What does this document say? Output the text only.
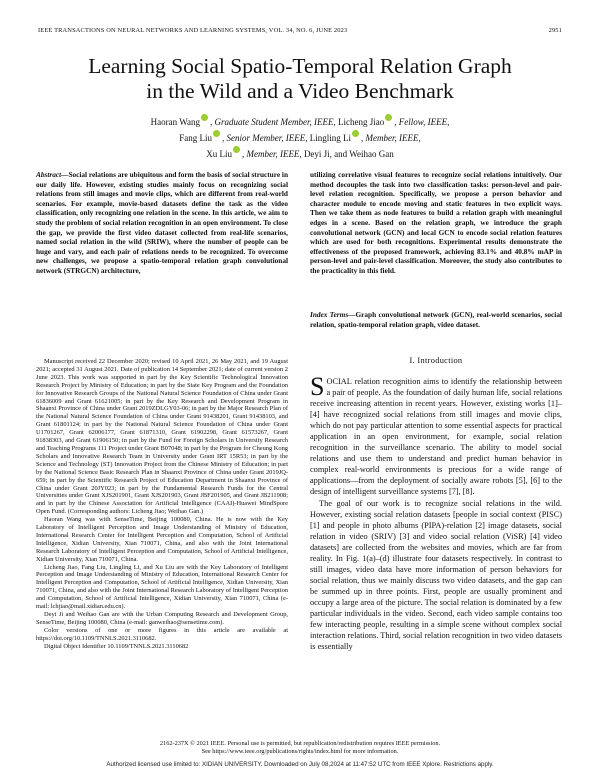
IEEE TRANSACTIONS ON NEURAL NETWORKS AND LEARNING SYSTEMS, VOL. 34, NO. 6, JUNE 2023	2951
Learning Social Spatio-Temporal Relation Graph
in the Wild and a Video Benchmark
Haoran Wang , Graduate Student Member, IEEE, Licheng Jiao , Fellow, IEEE,
Fang Liu , Senior Member, IEEE, Lingling Li , Member, IEEE,
Xu Liu , Member, IEEE, Deyi Ji, and Weihao Gan
Abstract—Social relations are ubiquitous and form the basis of social structure in our daily life. However, existing studies mainly focus on recognizing social relations from still images and movie clips, which are different from real-world scenarios. For example, movie-based datasets define the task as the video classification, only recognizing one relation in the scene. In this article, we aim to study the problem of social relation recognition in an open environment. To close the gap, we provide the first video dataset collected from real-life scenarios, named social relation in the wild (SRIW), where the number of people can be huge and vary, and each pair of relations needs to be recognized. To overcome new challenges, we propose a spatio-temporal relation graph convolutional network (STRGCN) architecture,
utilizing correlative visual features to recognize social relations intuitively. Our method decouples the task into two classification tasks: person-level and pair-level relation recognition. Specifically, we propose a person behavior and character module to encode moving and static features in two explicit ways. Then we take them as node features to build a relation graph with meaningful edges in a scene. Based on the relation graph, we introduce the graph convolutional network (GCN) and local GCN to encode social relation features which are used for both recognitions. Experimental results demonstrate the effectiveness of the proposed framework, achieving 83.1% and 40.8% mAP in person-level and pair-level classification. Moreover, the study also contributes to the practicality in this field.
Index Terms—Graph convolutional network (GCN), real-world scenarios, social relation, spatio-temporal relation graph, video dataset.

Manuscript received 22 December 2020; revised 10 April 2021, 26 May 2021, and 19 August 2021; accepted 31 August 2021. Date of publication 14 September 2021; date of current version 2 June 2023. This work was supported in part by the Key Scientific Technological Innovation Research Project by Ministry of Education; in part by the State Key Program and the Foundation for Innovative Research Groups of the National Natural Science Foundation of China under Grant 61836009 and Grant 61621005; in part by the Key Research and Development Program in Shaanxi Province of China under Grant 2019ZDLGY03-06; in part by the Major Research Plan of the National Natural Science Foundation of China under Grant 91438201, Grant 91438103, and Grant 61801124; in part by the National Natural Science Foundation of China under Grant U1701267, Grant 62006177, Grant 61871310, Grant 61902298, Grant 61573267, Grant 91838303, and Grant 61906150; in part by the Fund for Foreign Scholars in University Research and Teaching Programs 111 Project under Grant B07048; in part by the Program for Cheung Kong Scholars and Innovative Research Team in University under Grant IRT 15R53; in part by the Science and Technology (ST) Innovation Project from the Chinese Ministry of Education; in part by the National Science Basic Research Plan in Shaanxi Province of China under Grant 2019JQ-659; in part by the Scientific Research Project of Education Department in Shaanxi Province of China under Grant 20JY023; in part by the Fundamental Research Funds for the Central Universities under Grant XJS201901, Grant XJS201903, Grant JBF201905, and Grant JB211908; and in part by the Chinese Association for Artificial Intelligence (CAAI)-Huawei MindSpore Open Fund. (Corresponding authors: Licheng Jiao; Weihao Gan.)

Haoran Wang was with SenseTime, Beijing 100080, China. He is now with the Key Laboratory of Intelligent Perception and Image Understanding of Ministry of Education, International Research Center for Intelligent Perception and Computation, School of Artificial Intelligence, Xidian University, Xian 710071, China, and also with the Joint International Research Laboratory of Intelligent Perception and Computation, School of Artificial Intelligence, Xidian University, Xian 710071, China.

Licheng Jiao, Fang Liu, Lingling Li, and Xu Liu are with the Key Laboratory of Intelligent Perception and Image Understanding of Ministry of Education, International Research Center for Intelligent Perception and Computation, School of Artificial Intelligence, Xidian University, Xian 710071, China, and also with the Joint International Research Laboratory of Intelligent Perception and Computation, School of Artificial Intelligence, Xidian University, Xian 710071, China (e-mail: lchjiao@mail.xidian.edu.cn).

Deyi Ji and Weihao Gan are with the Urban Computing Research and Development Group, SenseTime, Beijing 100080, China (e-mail: ganweihao@sensetime.com).

Color versions of one or more figures in this article are available at https://doi.org/10.1109/TNNLS.2021.3110682.

Digital Object Identifier 10.1109/TNNLS.2021.3110682

I. Introduction

SOCIAL relation recognition aims to identify the relationship between a pair of people. As the foundation of daily human life, social relations receive increasing attention in recent years. However, existing works [1]–[4] have recognized social relations from still images and movie clips, which do not pay particular attention to some essential aspects for practical application in an open environment, for example, social relation recognition in the surveillance scenario. The ability to model social relations and use them to understand and predict human behavior in complex real-world environments is precious for a wide range of applications—from the deployment of socially aware robots [5], [6] to the design of intelligent surveillance systems [7], [8].

The goal of our work is to recognize social relations in the wild. However, existing social relation datasets [people in social context (PISC) [1] and people in photo albums (PIPA)-relation [2] image datasets, social relation in video (SRIV) [3] and video social relation (ViSR) [4] video datasets] are collected from the websites and movies, which are far from reality. In Fig. 1(a)–(d) illustrate four datasets respectively. In contrast to still images, video data have more information of person behaviors for social relation, thus we mainly discuss two video datasets, and the gap can be summed up in three points. First, people are usually prominent and occupy a large area of the picture. The social relation is dominated by a few particular individuals in the video. Second, each video sample contains too few interacting people, resulting in a simple scene without complex social interaction relations. Third, social relation recognition in two video datasets is essentially

2162-237X © 2021 IEEE. Personal use is permitted, but republication/redistribution requires IEEE permission.
See https://www.ieee.org/publications/rights/index.html for more information.
Authorized licensed use limited to: XIDIAN UNIVERSITY. Downloaded on July 08,2024 at 11:47:52 UTC from IEEE Xplore. Restrictions apply.
